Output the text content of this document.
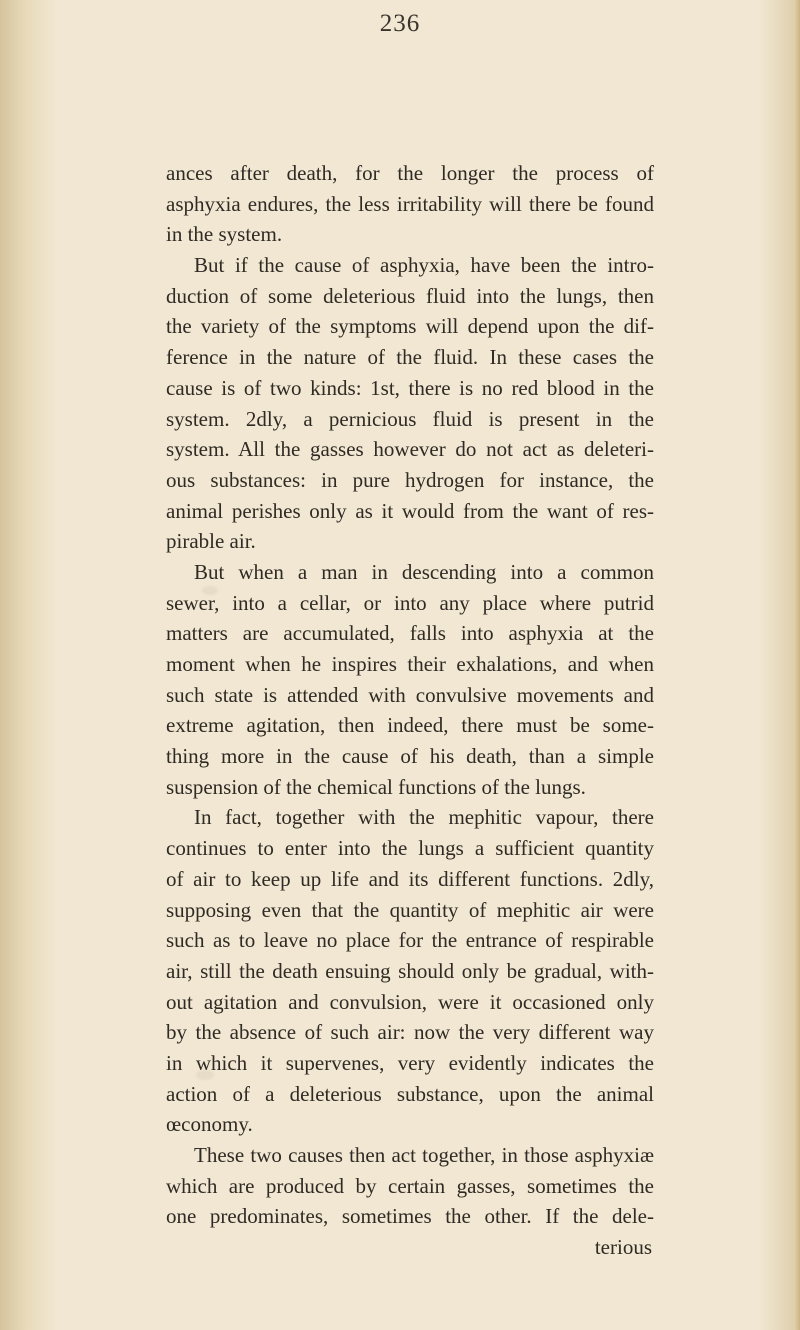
236
ances after death, for the longer the process of
asphyxia endures, the less irritability will there be found
in the system.
But if the cause of asphyxia, have been the intro-
duction of some deleterious fluid into the lungs, then
the variety of the symptoms will depend upon the dif-
ference in the nature of the fluid. In these cases the
cause is of two kinds: 1st, there is no red blood in the
system. 2dly, a pernicious fluid is present in the
system. All the gasses however do not act as deleteri-
ous substances: in pure hydrogen for instance, the
animal perishes only as it would from the want of res-
pirable air.
But when a man in descending into a common
sewer, into a cellar, or into any place where putrid
matters are accumulated, falls into asphyxia at the
moment when he inspires their exhalations, and when
such state is attended with convulsive movements and
extreme agitation, then indeed, there must be some-
thing more in the cause of his death, than a simple
suspension of the chemical functions of the lungs.
In fact, together with the mephitic vapour, there
continues to enter into the lungs a sufficient quantity
of air to keep up life and its different functions. 2dly,
supposing even that the quantity of mephitic air were
such as to leave no place for the entrance of respirable
air, still the death ensuing should only be gradual, with-
out agitation and convulsion, were it occasioned only
by the absence of such air: now the very different way
in which it supervenes, very evidently indicates the
action of a deleterious substance, upon the animal
œconomy.
These two causes then act together, in those asphyxiæ
which are produced by certain gasses, sometimes the
one predominates, sometimes the other. If the dele-
terious
